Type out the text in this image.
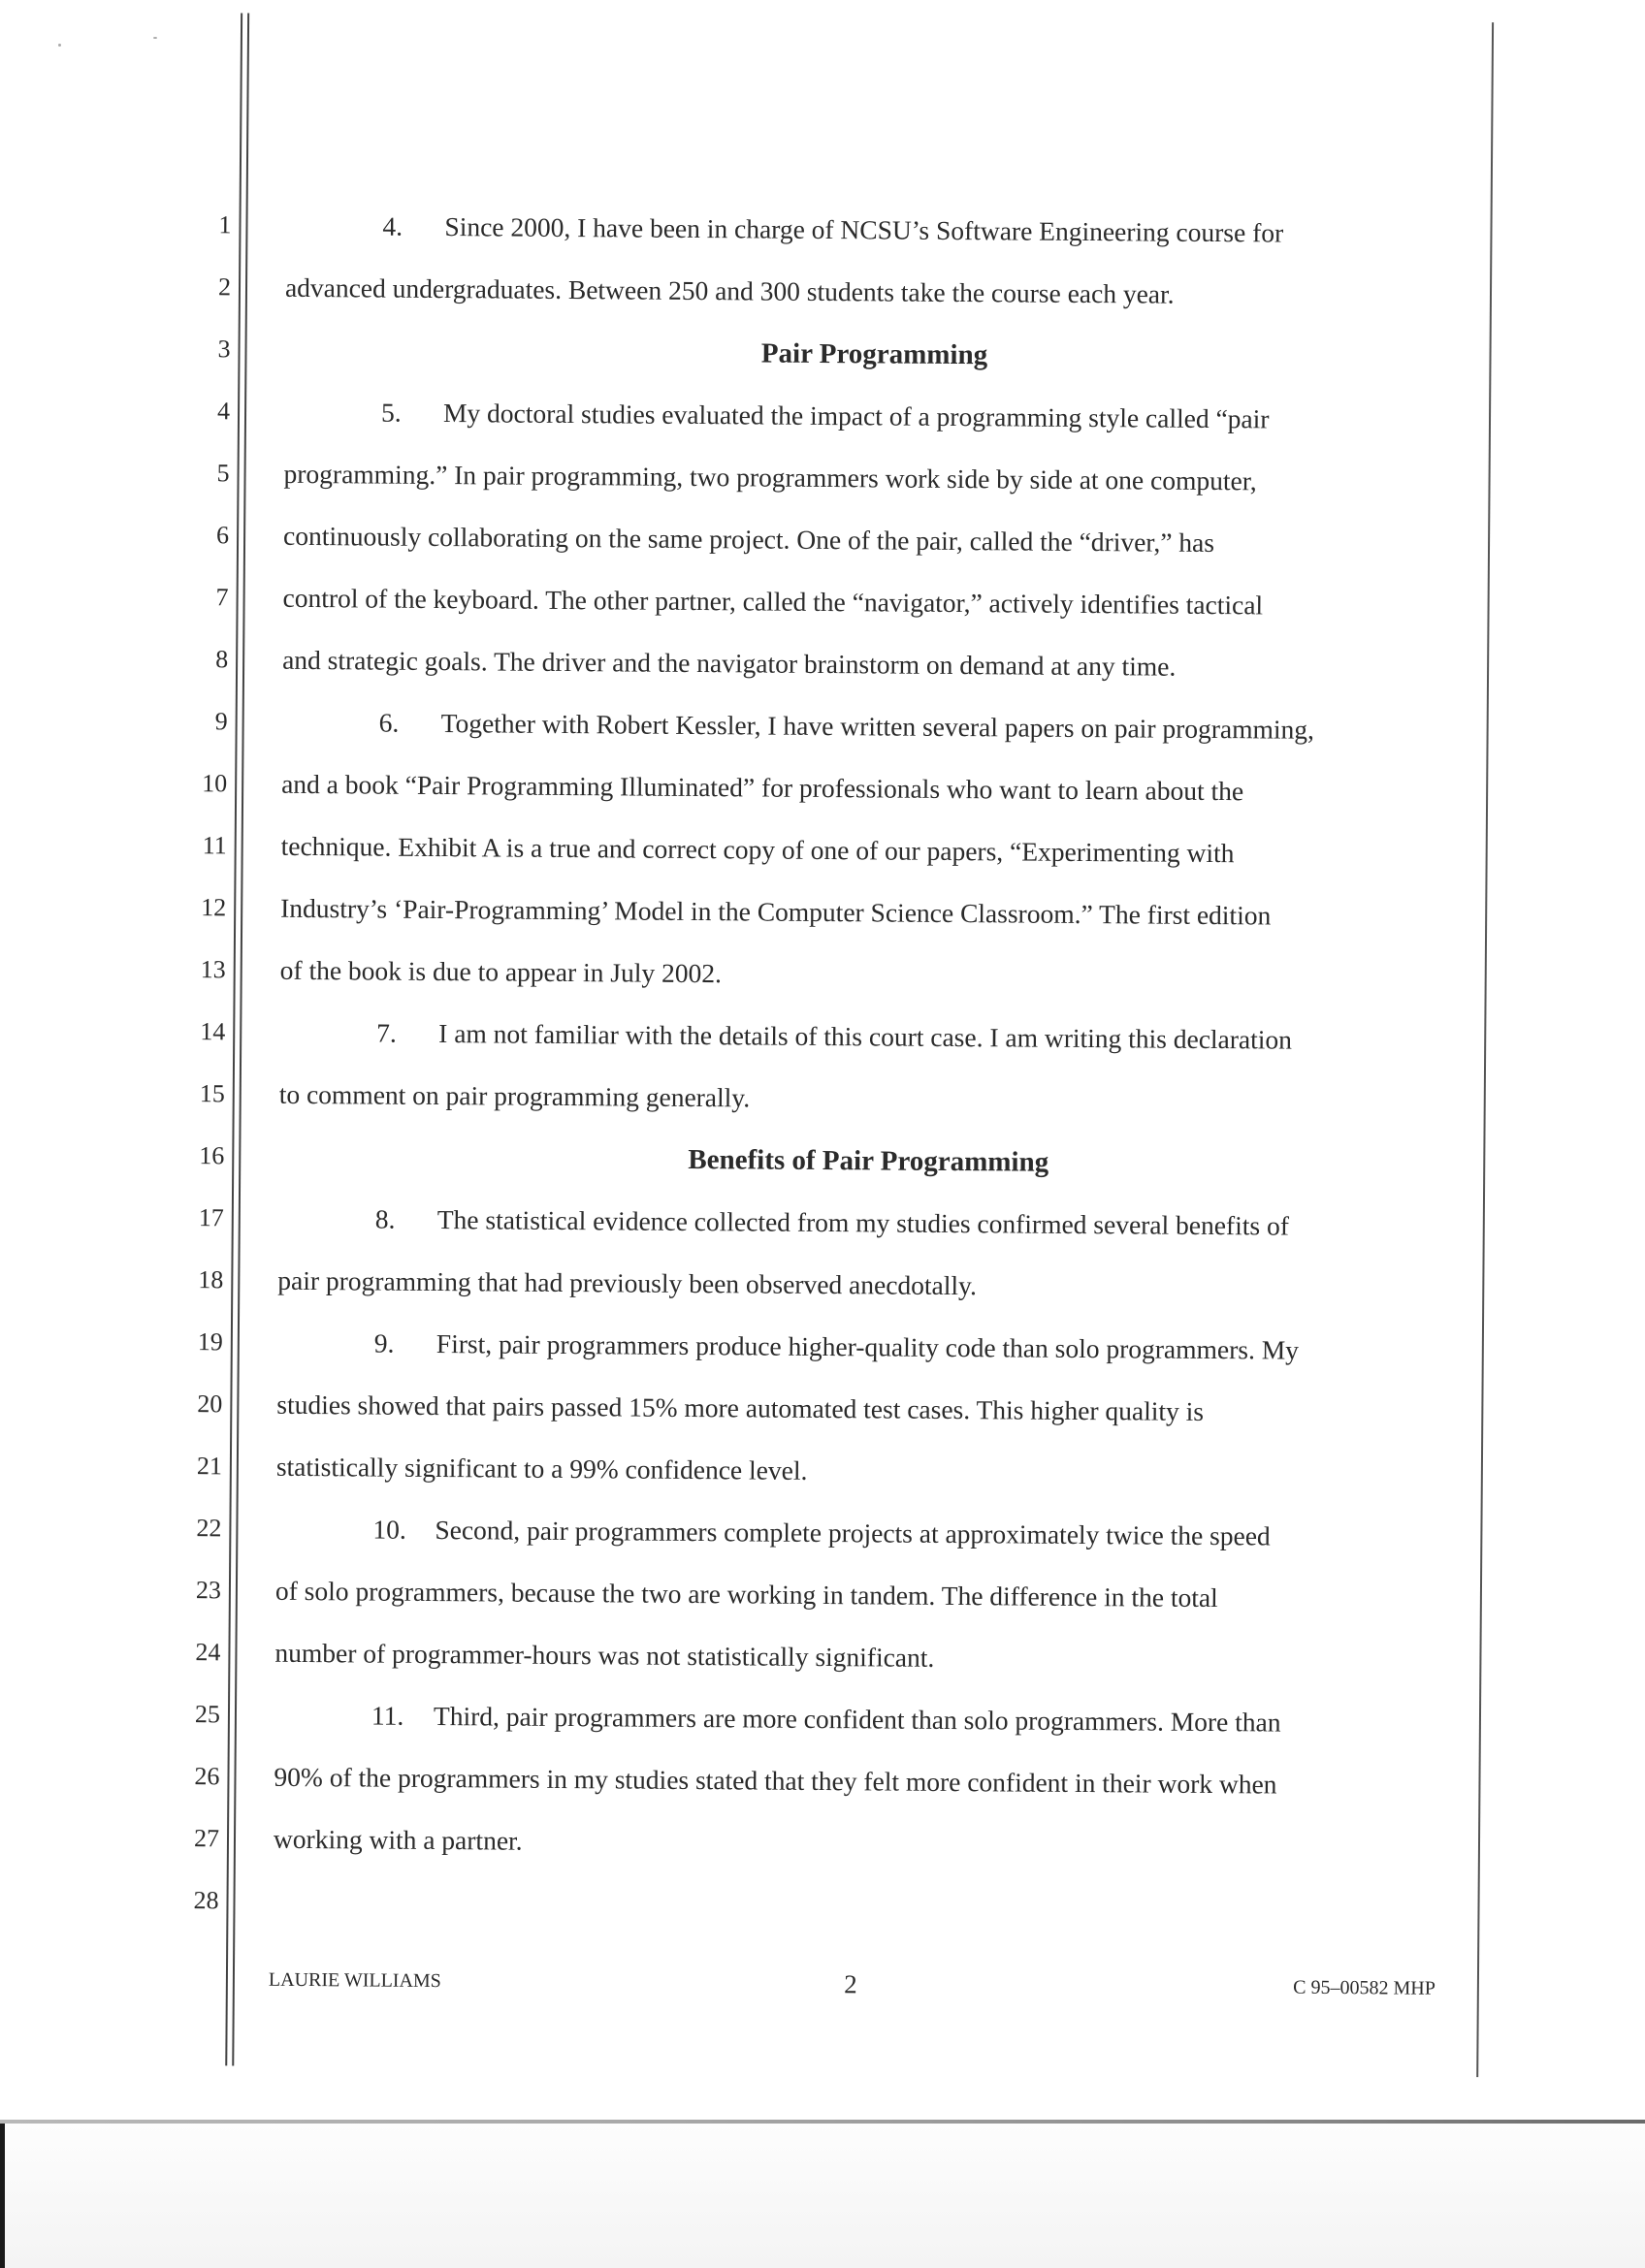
1
2
3
4
5
6
7
8
9
10
11
12
13
14
15
16
17
18
19
20
21
22
23
24
25
26
27
28
4. Since 2000, I have been in charge of NCSU’s Software Engineering course for
advanced undergraduates. Between 250 and 300 students take the course each year.
Pair Programming
5. My doctoral studies evaluated the impact of a programming style called “pair
programming.” In pair programming, two programmers work side by side at one computer,
continuously collaborating on the same project. One of the pair, called the “driver,” has
control of the keyboard. The other partner, called the “navigator,” actively identifies tactical
and strategic goals. The driver and the navigator brainstorm on demand at any time.
6. Together with Robert Kessler, I have written several papers on pair programming,
and a book “Pair Programming Illuminated” for professionals who want to learn about the
technique. Exhibit A is a true and correct copy of one of our papers, “Experimenting with
Industry’s ‘Pair-Programming’ Model in the Computer Science Classroom.” The first edition
of the book is due to appear in July 2002.
7. I am not familiar with the details of this court case. I am writing this declaration
to comment on pair programming generally.
Benefits of Pair Programming
8. The statistical evidence collected from my studies confirmed several benefits of
pair programming that had previously been observed anecdotally.
9. First, pair programmers produce higher-quality code than solo programmers. My
studies showed that pairs passed 15% more automated test cases. This higher quality is
statistically significant to a 99% confidence level.
10. Second, pair programmers complete projects at approximately twice the speed
of solo programmers, because the two are working in tandem. The difference in the total
number of programmer-hours was not statistically significant.
11. Third, pair programmers are more confident than solo programmers. More than
90% of the programmers in my studies stated that they felt more confident in their work when
working with a partner.
LAURIE WILLIAMS	2	C 95–00582 MHP
